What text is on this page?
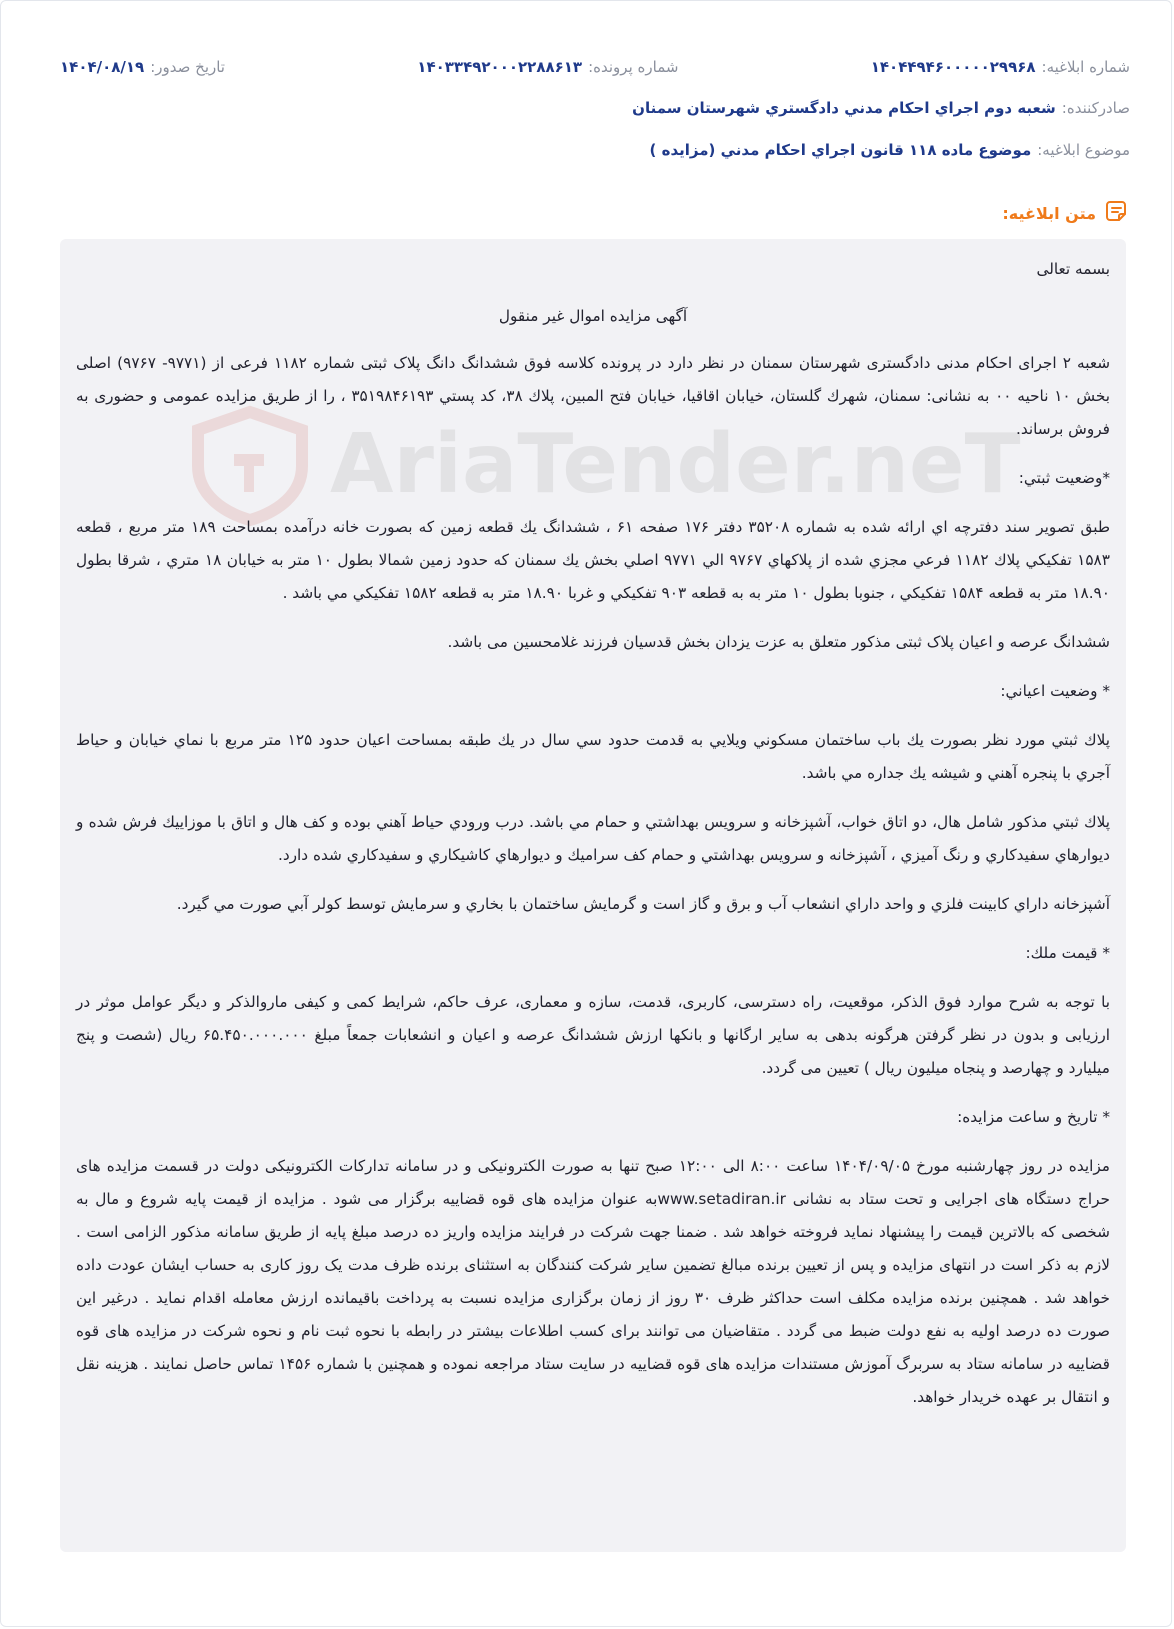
شماره ابلاغيه:۱۴۰۴۴۹۴۶۰۰۰۰۰۲۹۹۶۸
شماره پرونده:۱۴۰۳۳۴۹۲۰۰۰۲۲۸۸۶۱۳
تاريخ صدور:۱۴۰۴/۰۸/۱۹
صادرکننده:شعبه دوم اجراي احكام مدني دادگستري شهرستان سمنان
موضوع ابلاغيه:موضوع ماده ۱۱۸ قانون اجراي احكام مدني (مزايده )
متن ابلاغيه:
AriaTender.neT

بسمه تعالی

آگهی مزایده اموال غیر منقول

شعبه ۲ اجرای احکام مدنی دادگستری شهرستان سمنان در نظر دارد در پرونده کلاسه فوق ششدانگ دانگ پلاک ثبتی شماره ۱۱۸۲ فرعی از (۹۷۷۱- ۹۷۶۷) اصلی بخش ۱۰ ناحیه ۰۰ به نشانی: سمنان، شهرك گلستان، خيابان اقاقيا، خيابان فتح المبين، پلاك ۳۸، كد پستي ۳۵۱۹۸۴۶۱۹۳ ، را از طریق مزایده عمومی و حضوری به فروش برساند.

*وضعیت ثبتي:

طبق تصوير سند دفترچه اي ارائه شده به شماره ۳۵۲۰۸ دفتر ۱۷۶ صفحه ۶۱ ، ششدانگ يك قطعه زمين كه بصورت خانه درآمده بمساحت ۱۸۹ متر مربع ، قطعه ۱۵۸۳ تفكيكي پلاك ۱۱۸۲ فرعي مجزي شده از پلاكهاي ۹۷۶۷ الي ۹۷۷۱ اصلي بخش يك سمنان كه حدود زمين شمالا بطول ۱۰ متر به خيابان ۱۸ متري ، شرقا بطول ۱۸.۹۰ متر به قطعه ۱۵۸۴ تفكيكي ، جنوبا بطول ۱۰ متر به به قطعه ۹۰۳ تفكيكي و غربا ۱۸.۹۰ متر به قطعه ۱۵۸۲ تفكيكي مي باشد .

ششدانگ عرصه و اعیان پلاک ثبتی مذکور متعلق به عزت یزدان بخش قدسیان فرزند غلامحسین می باشد.

* وضعيت اعياني:

پلاك ثبتي مورد نظر بصورت يك باب ساختمان مسكوني ويلايي به قدمت حدود سي سال در يك طبقه بمساحت اعيان حدود ۱۲۵ متر مربع با نماي خيابان و حياط آجري با پنجره آهني و شيشه يك جداره مي باشد.

پلاك ثبتي مذكور شامل هال، دو اتاق خواب، آشپزخانه و سرويس بهداشتي و حمام مي باشد. درب ورودي حياط آهني بوده و كف هال و اتاق با موزاييك فرش شده و ديوارهاي سفيدكاري و رنگ آميزي ، آشپزخانه و سرويس بهداشتي و حمام كف سراميك و ديوارهاي كاشيكاري و سفيدكاري شده دارد.

آشپزخانه داراي كابينت فلزي و واحد داراي انشعاب آب و برق و گاز است و گرمايش ساختمان با بخاري و سرمايش توسط كولر آبي صورت مي گيرد.

* قيمت ملك:

با توجه به شرح موارد فوق الذکر، موقعیت، راه دسترسی، کاربری، قدمت، سازه و معماری، عرف حاکم، شرایط کمی و کیفی ماروالذکر و دیگر عوامل موثر در ارزیابی و بدون در نظر گرفتن هرگونه بدهی به سایر ارگانها و بانکها ارزش ششدانگ عرصه و اعيان و انشعابات جمعاً مبلغ ۶۵.۴۵۰.۰۰۰.۰۰۰ ريال (شصت و پنج میلیارد و چهارصد و پنجاه میلیون ريال ) تعیین می گردد.

* تاریخ و ساعت مزایده:

مزایده در روز چهارشنبه مورخ ۱۴۰۴/۰۹/۰۵ ساعت ۸:۰۰ الی ۱۲:۰۰ صبح تنها به صورت الکترونیکی و در سامانه تدارکات الکترونیکی دولت در قسمت مزایده های حراج دستگاه های اجرایی و تحت ستاد به نشانی www.setadiran.irبه عنوان مزایده های قوه قضاییه برگزار می شود . مزایده از قیمت پایه شروع و مال به شخصی که بالاترین قیمت را پیشنهاد نماید فروخته خواهد شد . ضمنا جهت شرکت در فرایند مزایده واریز ده درصد مبلغ پایه از طریق سامانه مذکور الزامی است . لازم به ذکر است در انتهای مزایده و پس از تعیین برنده مبالغ تضمین سایر شرکت کنندگان به استثنای برنده ظرف مدت یک روز کاری به حساب ایشان عودت داده خواهد شد . همچنین برنده مزایده مکلف است حداکثر ظرف ۳۰ روز از زمان برگزاری مزایده نسبت به پرداخت باقیمانده ارزش معامله اقدام نماید . درغیر این صورت ده درصد اولیه به نفع دولت ضبط می گردد . متقاضیان می توانند برای کسب اطلاعات بیشتر در رابطه با نحوه ثبت نام و نحوه شرکت در مزایده های قوه قضاییه در سامانه ستاد به سربرگ آموزش مستندات مزایده های قوه قضاییه در سایت ستاد مراجعه نموده و همچنین با شماره ۱۴۵۶ تماس حاصل نمایند . هزینه نقل و انتقال بر عهده خریدار خواهد.
